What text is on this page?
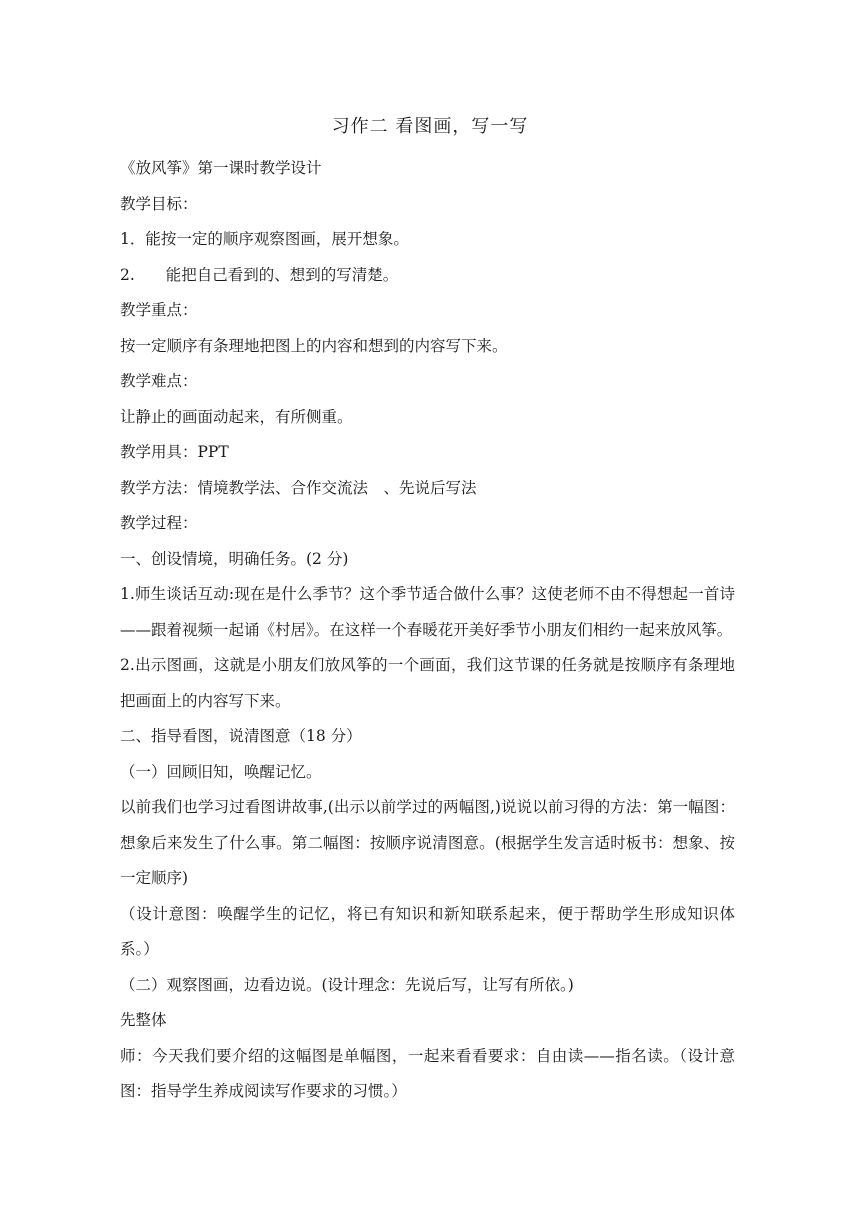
习作二 看图画，写一写

《放风筝》第一课时教学设计

教学目标：

1．能按一定的顺序观察图画，展开想象。

2.　　能把自己看到的、想到的写清楚。

教学重点：

按一定顺序有条理地把图上的内容和想到的内容写下来。

教学难点：

让静止的画面动起来，有所侧重。

教学用具：PPT

教学方法：情境教学法、合作交流法　、先说后写法

教学过程：

一、创设情境，明确任务。(2 分)

1.师生谈话互动:现在是什么季节？这个季节适合做什么事？这使老师不由不得想起一首诗——跟着视频一起诵《村居》。在这样一个春暖花开美好季节小朋友们相约一起来放风筝。

2.出示图画，这就是小朋友们放风筝的一个画面，我们这节课的任务就是按顺序有条理地把画面上的内容写下来。

二、指导看图，说清图意（18 分）

（一）回顾旧知，唤醒记忆。

以前我们也学习过看图讲故事,(出示以前学过的两幅图,)说说以前习得的方法：第一幅图：想象后来发生了什么事。第二幅图：按顺序说清图意。(根据学生发言适时板书：想象、按一定顺序)

（设计意图：唤醒学生的记忆，将已有知识和新知联系起来，便于帮助学生形成知识体系。）

（二）观察图画，边看边说。(设计理念：先说后写，让写有所依。)

先整体

师：今天我们要介绍的这幅图是单幅图，一起来看看要求：自由读——指名读。（设计意图：指导学生养成阅读写作要求的习惯。）
